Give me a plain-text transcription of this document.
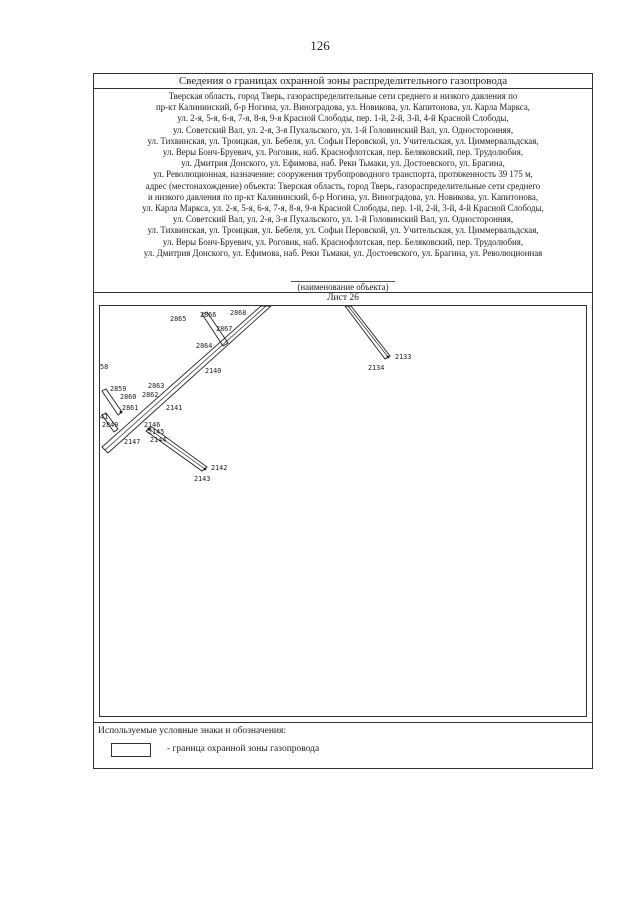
126
Сведения о границах охранной зоны распределительного газопровода

Тверская область, город Тверь, газораспределительные сети среднего и низкого давления по

пр-кт Калининский, б-р Ногина, ул. Виноградова, ул. Новикова, ул. Капитонова, ул. Карла Маркса,

ул. 2-я, 5-я, 6-я, 7-я, 8-я, 9-я Красной Слободы, пер. 1-й, 2-й, 3-й, 4-й Красной Слободы,

ул. Советский Вал, ул. 2-я, 3-я Пухальского, ул. 1-й Головинский Вал, ул. Односторонняя,

ул. Тихвинская, ул. Троицкая, ул. Бебеля, ул. Софьи Перовской, ул. Учительская, ул. Циммервальдская,

ул. Веры Бонч-Бруевич, ул. Роговик, наб. Краснофлотская, пер. Беляковский, пер. Трудолюбия,

ул. Дмитрия Донского, ул. Ефимова, наб. Реки Тьмаки, ул. Достоевского, ул. Брагина,

ул. Революционная, назначение: сооружения трубопроводного транспорта, протяженность 39 175 м,

адрес (местонахождение) объекта: Тверская область, город Тверь, газораспределительные сети среднего

и низкого давления по пр-кт Калининский, б-р Ногина, ул. Виноградова, ул. Новикова, ул. Капитонова,

ул. Карла Маркса, ул. 2-я, 5-я, 6-я, 7-я, 8-я, 9-я Красной Слободы, пер. 1-й, 2-й, 3-й, 4-й Красной Слободы,

ул. Советский Вал, ул. 2-я, 3-я Пухальского, ул. 1-й Головинский Вал, ул. Односторонняя,

ул. Тихвинская, ул. Троицкая, ул. Бебеля, ул. Софьи Перовской, ул. Учительская, ул. Циммервальдская,

ул. Веры Бонч-Бруевич, ул. Роговик, наб. Краснофлотская, пер. Беляковский, пер. Трудолюбия,

ул. Дмитрия Донского, ул. Ефимова, наб. Реки Тьмаки, ул. Достоевского, ул. Брагина, ул. Революционная

(наименование объекта)
Лист 26
2865 2866 2868
2867
2864
2140
2133
2134
58
2859	2863
2860 2862
2861	2141
41
2849	2146
2145
2147 2144
2142
2143
Используемые условные знаки и обозначения:
- граница охранной зоны газопровода
